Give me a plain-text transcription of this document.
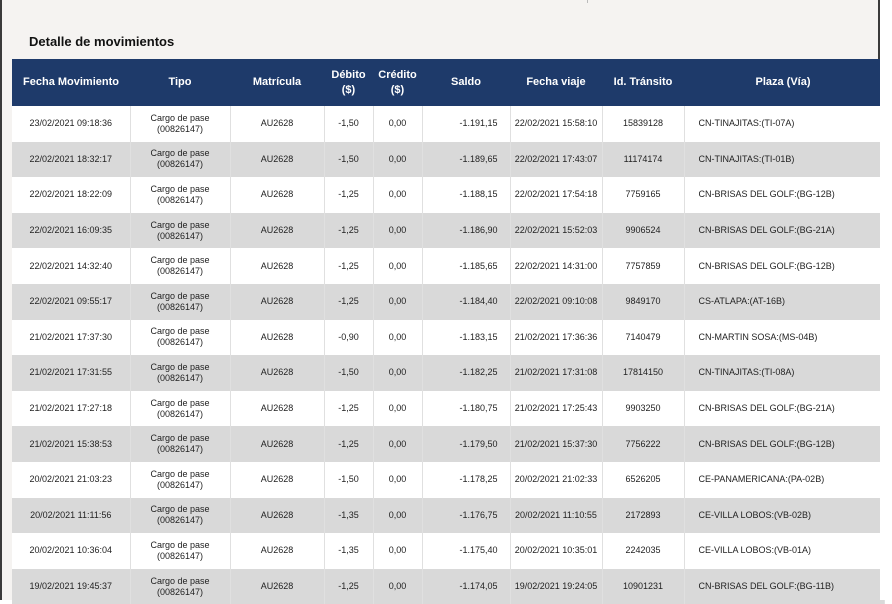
Detalle de movimientos
Fecha Movimiento	Tipo	Matrícula	Débito
($)	Crédito
($)	Saldo	Fecha viaje	Id. Tránsito	Plaza (Vía)
23/02/2021 09:18:36	Cargo de pase
(00826147)	AU2628	-1,50	0,00	-1.191,15	22/02/2021 15:58:10	15839128	CN-TINAJITAS:(TI-07A)
22/02/2021 18:32:17	Cargo de pase
(00826147)	AU2628	-1,50	0,00	-1.189,65	22/02/2021 17:43:07	11174174	CN-TINAJITAS:(TI-01B)
22/02/2021 18:22:09	Cargo de pase
(00826147)	AU2628	-1,25	0,00	-1.188,15	22/02/2021 17:54:18	7759165	CN-BRISAS DEL GOLF:(BG-12B)
22/02/2021 16:09:35	Cargo de pase
(00826147)	AU2628	-1,25	0,00	-1.186,90	22/02/2021 15:52:03	9906524	CN-BRISAS DEL GOLF:(BG-21A)
22/02/2021 14:32:40	Cargo de pase
(00826147)	AU2628	-1,25	0,00	-1.185,65	22/02/2021 14:31:00	7757859	CN-BRISAS DEL GOLF:(BG-12B)
22/02/2021 09:55:17	Cargo de pase
(00826147)	AU2628	-1,25	0,00	-1.184,40	22/02/2021 09:10:08	9849170	CS-ATLAPA:(AT-16B)
21/02/2021 17:37:30	Cargo de pase
(00826147)	AU2628	-0,90	0,00	-1.183,15	21/02/2021 17:36:36	7140479	CN-MARTIN SOSA:(MS-04B)
21/02/2021 17:31:55	Cargo de pase
(00826147)	AU2628	-1,50	0,00	-1.182,25	21/02/2021 17:31:08	17814150	CN-TINAJITAS:(TI-08A)
21/02/2021 17:27:18	Cargo de pase
(00826147)	AU2628	-1,25	0,00	-1.180,75	21/02/2021 17:25:43	9903250	CN-BRISAS DEL GOLF:(BG-21A)
21/02/2021 15:38:53	Cargo de pase
(00826147)	AU2628	-1,25	0,00	-1.179,50	21/02/2021 15:37:30	7756222	CN-BRISAS DEL GOLF:(BG-12B)
20/02/2021 21:03:23	Cargo de pase
(00826147)	AU2628	-1,50	0,00	-1.178,25	20/02/2021 21:02:33	6526205	CE-PANAMERICANA:(PA-02B)
20/02/2021 11:11:56	Cargo de pase
(00826147)	AU2628	-1,35	0,00	-1.176,75	20/02/2021 11:10:55	2172893	CE-VILLA LOBOS:(VB-02B)
20/02/2021 10:36:04	Cargo de pase
(00826147)	AU2628	-1,35	0,00	-1.175,40	20/02/2021 10:35:01	2242035	CE-VILLA LOBOS:(VB-01A)
19/02/2021 19:45:37	Cargo de pase
(00826147)	AU2628	-1,25	0,00	-1.174,05	19/02/2021 19:24:05	10901231	CN-BRISAS DEL GOLF:(BG-11B)
